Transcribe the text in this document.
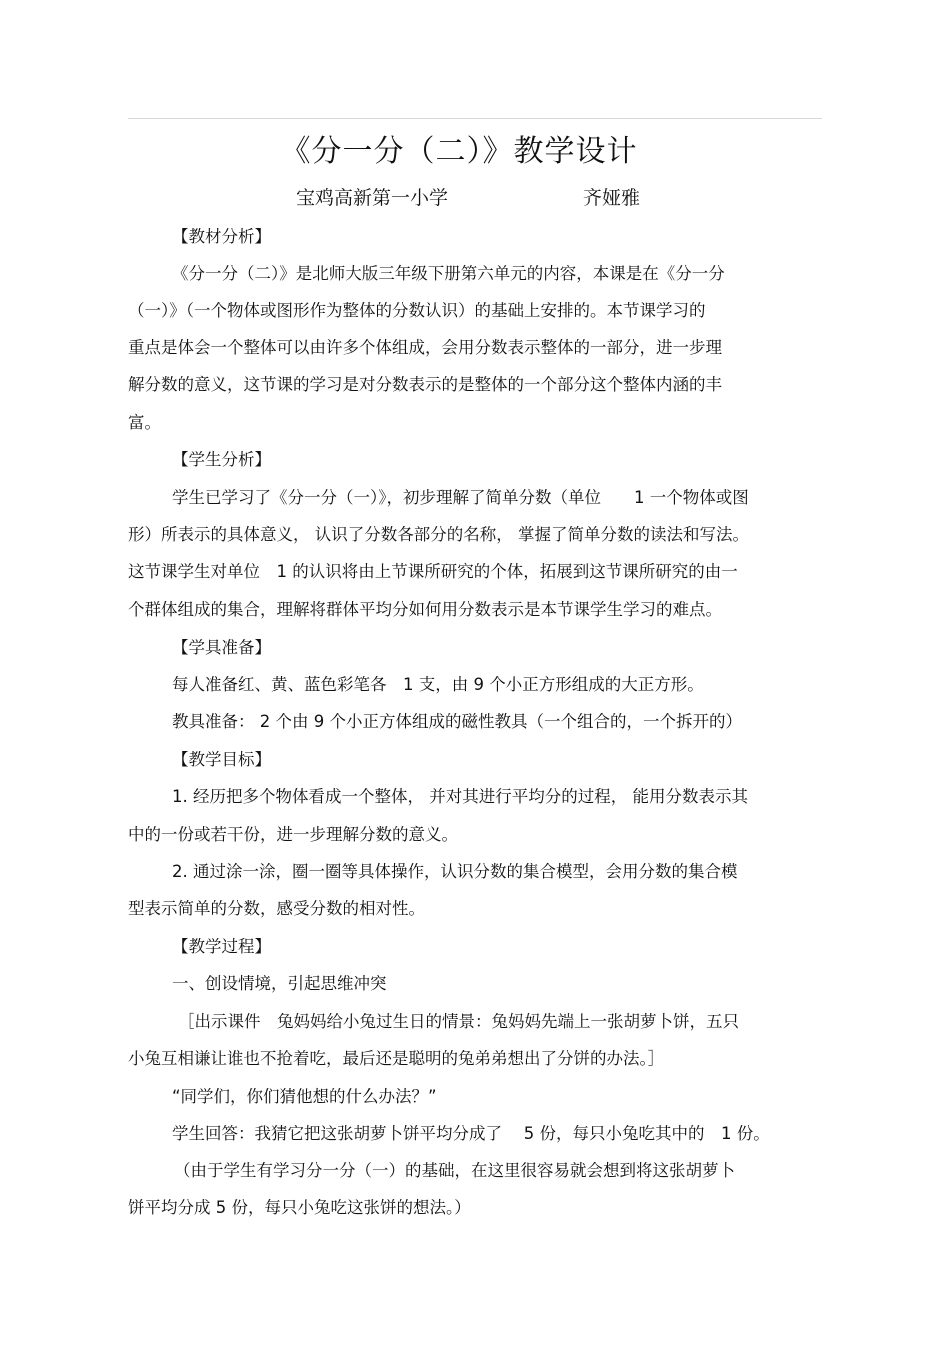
《分一分（二）》教学设计
宝鸡高新第一小学	齐娅雅
【教材分析】
《分一分（二）》是北师大版三年级下册第六单元的内容，本课是在《分一分
（一）》（一个物体或图形作为整体的分数认识）的基础上安排的。本节课学习的
重点是体会一个整体可以由许多个体组成，会用分数表示整体的一部分，进一步理
解分数的意义，这节课的学习是对分数表示的是整体的一个部分这个整体内涵的丰
富。
【学生分析】
学生已学习了《分一分（一）》，初步理解了简单分数（单位　　1 一个物体或图
形）所表示的具体意义， 认识了分数各部分的名称， 掌握了简单分数的读法和写法。
这节课学生对单位　1 的认识将由上节课所研究的个体，拓展到这节课所研究的由一
个群体组成的集合，理解将群体平均分如何用分数表示是本节课学生学习的难点。
【学具准备】
每人准备红、黄、蓝色彩笔各　1 支，由 9 个小正方形组成的大正方形。
教具准备： 2 个由 9 个小正方体组成的磁性教具（一个组合的，一个拆开的）
【教学目标】
1. 经历把多个物体看成一个整体， 并对其进行平均分的过程， 能用分数表示其
中的一份或若干份，进一步理解分数的意义。
2. 通过涂一涂，圈一圈等具体操作，认识分数的集合模型，会用分数的集合模
型表示简单的分数，感受分数的相对性。
【教学过程】
一、创设情境，引起思维冲突
［出示课件　兔妈妈给小兔过生日的情景：兔妈妈先端上一张胡萝卜饼，五只
小兔互相谦让谁也不抢着吃，最后还是聪明的兔弟弟想出了分饼的办法。］
“同学们，你们猜他想的什么办法？”
学生回答：我猜它把这张胡萝卜饼平均分成了　 5 份，每只小兔吃其中的　1 份。
（由于学生有学习分一分（一）的基础，在这里很容易就会想到将这张胡萝卜
饼平均分成 5 份，每只小兔吃这张饼的想法。）
